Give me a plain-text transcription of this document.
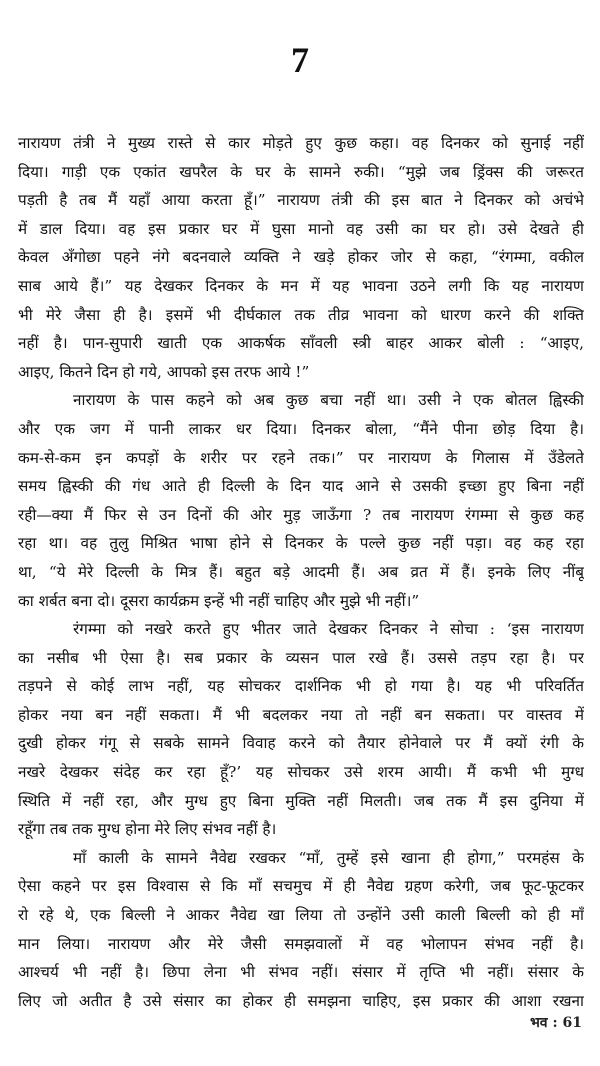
7
नारायण तंत्री ने मुख्य रास्ते से कार मोड़ते हुए कुछ कहा। वह दिनकर को सुनाई नहीं
दिया। गाड़ी एक एकांत खपरैल के घर के सामने रुकी। “मुझे जब ड्रिंक्स की जरूरत
पड़ती है तब मैं यहाँ आया करता हूँ।” नारायण तंत्री की इस बात ने दिनकर को अचंभे
में डाल दिया। वह इस प्रकार घर में घुसा मानो वह उसी का घर हो। उसे देखते ही
केवल अँगोछा पहने नंगे बदनवाले व्यक्ति ने खड़े होकर जोर से कहा, “रंगम्मा, वकील
साब आये हैं।” यह देखकर दिनकर के मन में यह भावना उठने लगी कि यह नारायण
भी मेरे जैसा ही है। इसमें भी दीर्घकाल तक तीव्र भावना को धारण करने की शक्ति
नहीं है। पान-सुपारी खाती एक आकर्षक साँवली स्त्री बाहर आकर बोली : “आइए,
आइए, कितने दिन हो गये, आपको इस तरफ आये !”
नारायण के पास कहने को अब कुछ बचा नहीं था। उसी ने एक बोतल ह्विस्की
और एक जग में पानी लाकर धर दिया। दिनकर बोला, “मैंने पीना छोड़ दिया है।
कम-से-कम इन कपड़ों के शरीर पर रहने तक।” पर नारायण के गिलास में उँडेलते
समय ह्विस्की की गंध आते ही दिल्ली के दिन याद आने से उसकी इच्छा हुए बिना नहीं
रही—क्या मैं फिर से उन दिनों की ओर मुड़ जाऊँगा ? तब नारायण रंगम्मा से कुछ कह
रहा था। वह तुलु मिश्रित भाषा होने से दिनकर के पल्ले कुछ नहीं पड़ा। वह कह रहा
था, “ये मेरे दिल्ली के मित्र हैं। बहुत बड़े आदमी हैं। अब व्रत में हैं। इनके लिए नींबू
का शर्बत बना दो। दूसरा कार्यक्रम इन्हें भी नहीं चाहिए और मुझे भी नहीं।”
रंगम्मा को नखरे करते हुए भीतर जाते देखकर दिनकर ने सोचा : ‘इस नारायण
का नसीब भी ऐसा है। सब प्रकार के व्यसन पाल रखे हैं। उससे तड़प रहा है। पर
तड़पने से कोई लाभ नहीं, यह सोचकर दार्शनिक भी हो गया है। यह भी परिवर्तित
होकर नया बन नहीं सकता। मैं भी बदलकर नया तो नहीं बन सकता। पर वास्तव में
दुखी होकर गंगू से सबके सामने विवाह करने को तैयार होनेवाले पर मैं क्यों रंगी के
नखरे देखकर संदेह कर रहा हूँ?’ यह सोचकर उसे शरम आयी। मैं कभी भी मुग्ध
स्थिति में नहीं रहा, और मुग्ध हुए बिना मुक्ति नहीं मिलती। जब तक मैं इस दुनिया में
रहूँगा तब तक मुग्ध होना मेरे लिए संभव नहीं है।
माँ काली के सामने नैवेद्य रखकर “माँ, तुम्हें इसे खाना ही होगा,” परमहंस के
ऐसा कहने पर इस विश्वास से कि माँ सचमुच में ही नैवेद्य ग्रहण करेगी, जब फूट-फूटकर
रो रहे थे, एक बिल्ली ने आकर नैवेद्य खा लिया तो उन्होंने उसी काली बिल्ली को ही माँ
मान लिया। नारायण और मेरे जैसी समझवालों में वह भोलापन संभव नहीं है।
आश्चर्य भी नहीं है। छिपा लेना भी संभव नहीं। संसार में तृप्ति भी नहीं। संसार के
लिए जो अतीत है उसे संसार का होकर ही समझना चाहिए, इस प्रकार की आशा रखना
भव : 61
